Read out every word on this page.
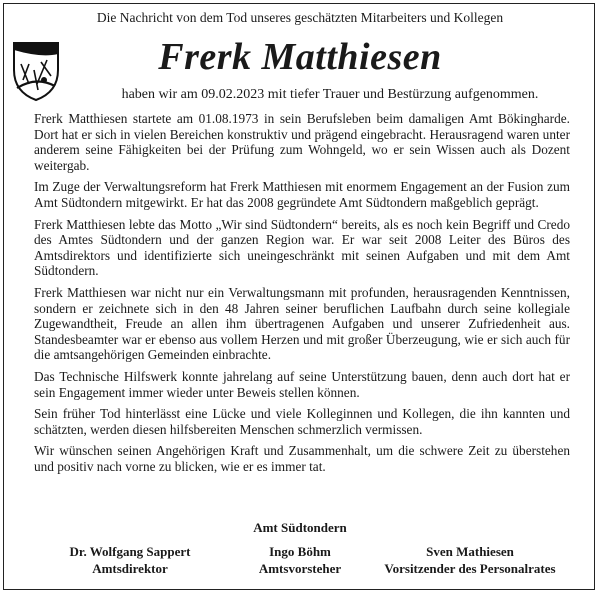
Die Nachricht von dem Tod unseres geschätzten Mitarbeiters und Kollegen
Frerk Matthiesen
haben wir am 09.02.2023 mit tiefer Trauer und Bestürzung aufgenommen.

Frerk Matthiesen startete am 01.08.1973 in sein Berufsleben beim damaligen Amt Bökingharde. Dort hat er sich in vielen Bereichen konstruktiv und prägend eingebracht. Herausragend waren unter anderem seine Fähigkeiten bei der Prüfung zum Wohngeld, wo er sein Wissen auch als Dozent weitergab.

Im Zuge der Verwaltungsreform hat Frerk Matthiesen mit enormem Engagement an der Fusion zum Amt Südtondern mitgewirkt. Er hat das 2008 gegründete Amt Südtondern maßgeblich geprägt.

Frerk Matthiesen lebte das Motto „Wir sind Südtondern“ bereits, als es noch kein Begriff und Credo des Amtes Südtondern und der ganzen Region war. Er war seit 2008 Leiter des Büros des Amtsdirektors und identifizierte sich uneingeschränkt mit seinen Aufgaben und mit dem Amt Südtondern.

Frerk Matthiesen war nicht nur ein Verwaltungsmann mit profunden, herausragenden Kenntnissen, sondern er zeichnete sich in den 48 Jahren seiner beruflichen Laufbahn durch seine kollegiale Zugewandtheit, Freude an allen ihm übertragenen Aufgaben und unserer Zufriedenheit aus. Standesbeamter war er ebenso aus vollem Herzen und mit großer Überzeugung, wie er sich auch für die amtsangehörigen Gemeinden einbrachte.

Das Technische Hilfswerk konnte jahrelang auf seine Unterstützung bauen, denn auch dort hat er sein Engagement immer wieder unter Beweis stellen können.

Sein früher Tod hinterlässt eine Lücke und viele Kolleginnen und Kollegen, die ihn kannten und schätzten, werden diesen hilfsbereiten Menschen schmerzlich vermissen.

Wir wünschen seinen Angehörigen Kraft und Zusammenhalt, um die schwere Zeit zu überstehen und positiv nach vorne zu blicken, wie er es immer tat.

Amt Südtondern
Dr. Wolfgang Sappert
Amtsdirektor
Ingo Böhm
Amtsvorsteher
Sven Mathiesen
Vorsitzender des Personalrates
